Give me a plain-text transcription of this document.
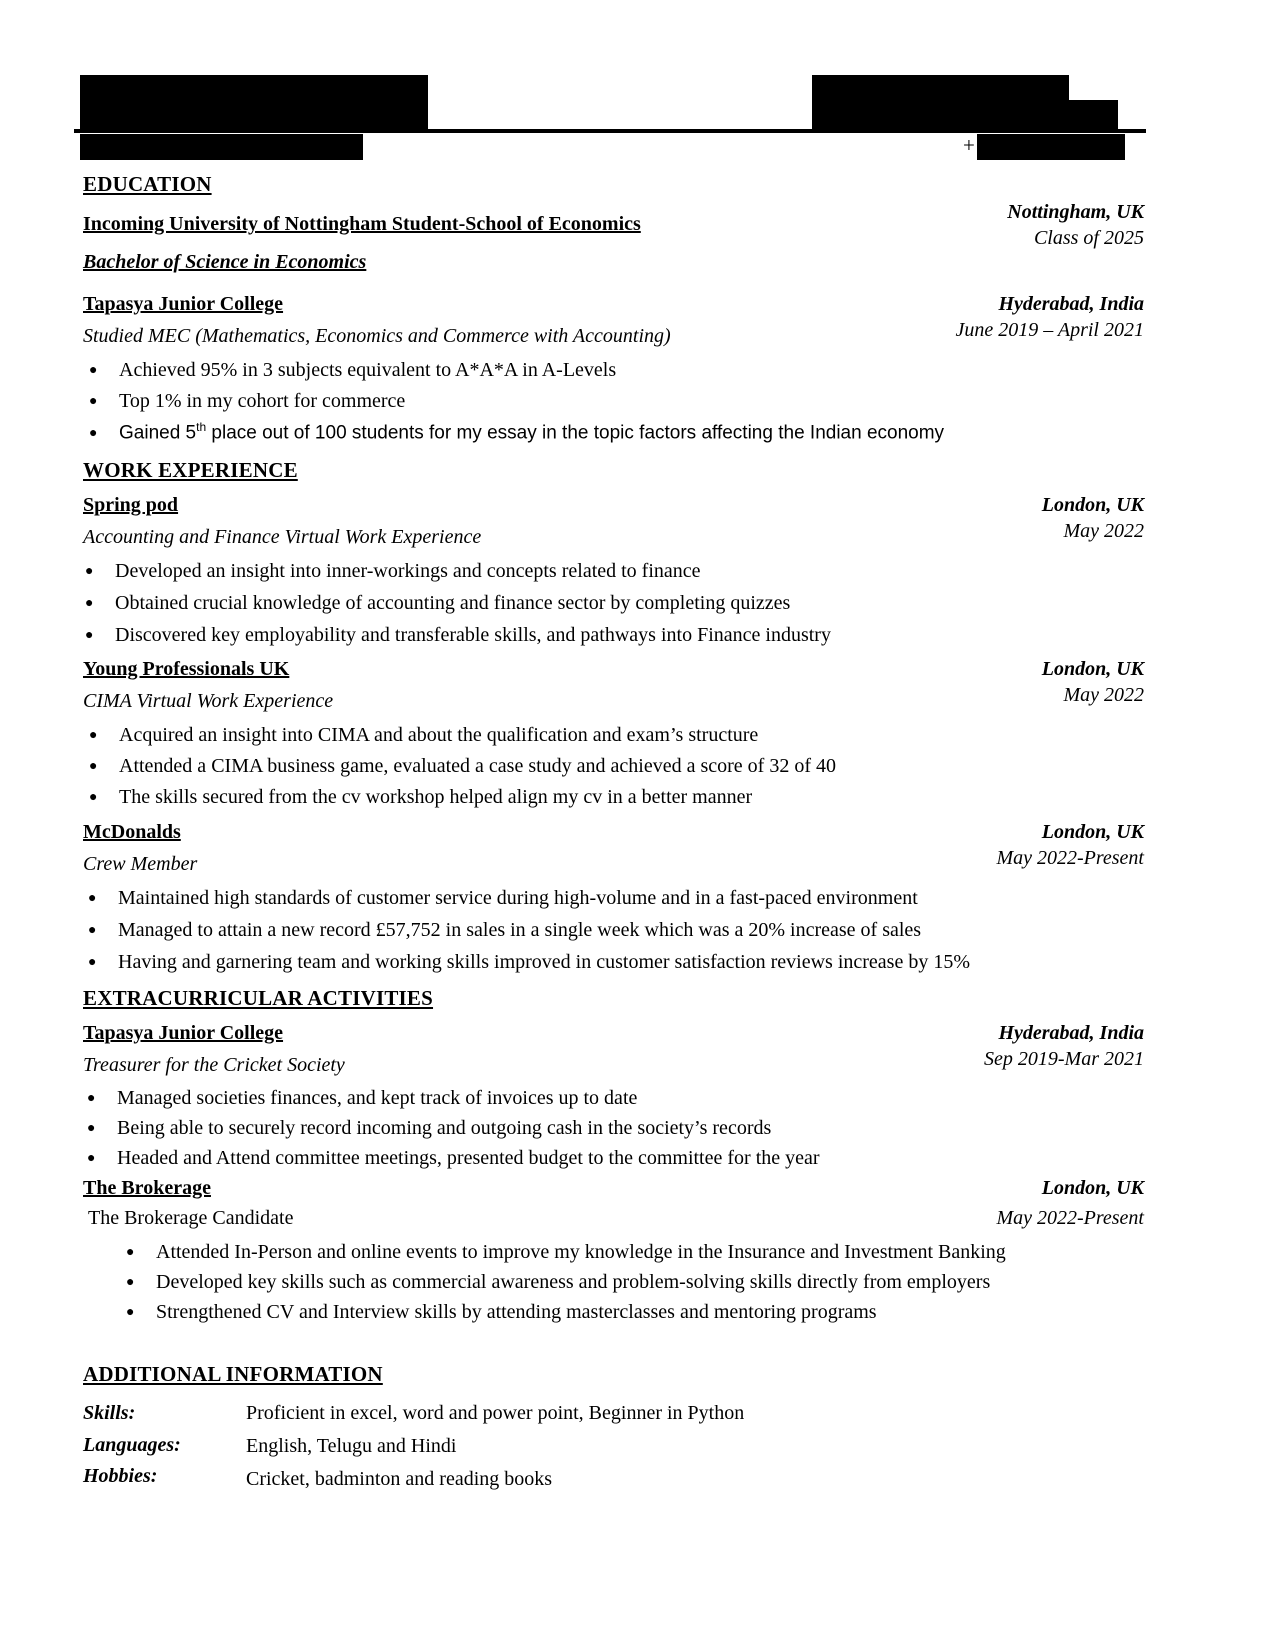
+
EDUCATION
Incoming University of Nottingham Student-School of Economics
Nottingham, UK
Class of 2025
Bachelor of Science in Economics
Tapasya Junior College	Hyderabad, India
June 2019 – April 2021
Studied MEC (Mathematics, Economics and Commerce with Accounting)
● Achieved 95% in 3 subjects equivalent to A*A*A in A-Levels
● Top 1% in my cohort for commerce
● Gained 5th place out of 100 students for my essay in the topic factors affecting the Indian economy
WORK EXPERIENCE
Spring pod	London, UK
May 2022
Accounting and Finance Virtual Work Experience
● Developed an insight into inner-workings and concepts related to finance
● Obtained crucial knowledge of accounting and finance sector by completing quizzes
● Discovered key employability and transferable skills, and pathways into Finance industry
Young Professionals UK	London, UK
May 2022
CIMA Virtual Work Experience
● Acquired an insight into CIMA and about the qualification and exam’s structure
● Attended a CIMA business game, evaluated a case study and achieved a score of 32 of 40
● The skills secured from the cv workshop helped align my cv in a better manner
McDonalds	London, UK
May 2022-Present
Crew Member
● Maintained high standards of customer service during high-volume and in a fast-paced environment
● Managed to attain a new record £57,752 in sales in a single week which was a 20% increase of sales
● Having and garnering team and working skills improved in customer satisfaction reviews increase by 15%
EXTRACURRICULAR ACTIVITIES
Tapasya Junior College	Hyderabad, India
Sep 2019-Mar 2021
Treasurer for the Cricket Society
● Managed societies finances, and kept track of invoices up to date
● Being able to securely record incoming and outgoing cash in the society’s records
● Headed and Attend committee meetings, presented budget to the committee for the year
The Brokerage	London, UK
May 2022-Present
The Brokerage Candidate
● Attended In-Person and online events to improve my knowledge in the Insurance and Investment Banking
● Developed key skills such as commercial awareness and problem-solving skills directly from employers
● Strengthened CV and Interview skills by attending masterclasses and mentoring programs
ADDITIONAL INFORMATION
Skills:	Proficient in excel, word and power point, Beginner in Python
Languages:	English, Telugu and Hindi
Hobbies:	Cricket, badminton and reading books
